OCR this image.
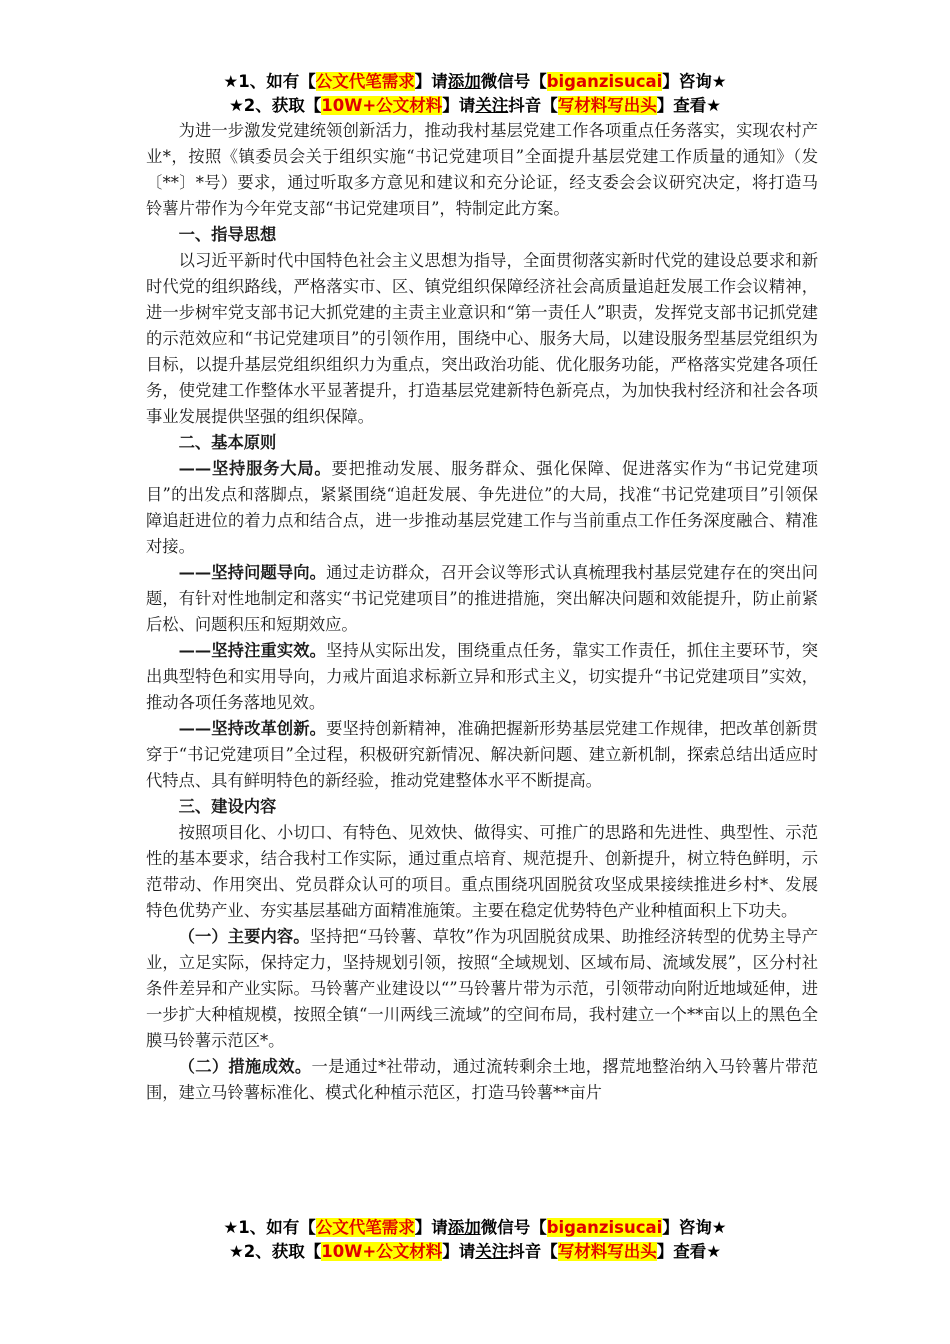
★1、如有【公文代笔需求】请添加微信号【biganzisucai】咨询★
★2、获取【10W+公文材料】请关注抖音【写材料写出头】查看★

为进一步激发党建统领创新活力，推动我村基层党建工作各项重点任务落实，实现农村产业*，按照《镇委员会关于组织实施“书记党建项目”全面提升基层党建工作质量的通知》（发〔**〕*号）要求，通过听取多方意见和建议和充分论证，经支委会会议研究决定，将打造马铃薯片带作为今年党支部“书记党建项目”，特制定此方案。

一、指导思想

以习近平新时代中国特色社会主义思想为指导，全面贯彻落实新时代党的建设总要求和新时代党的组织路线，严格落实市、区、镇党组织保障经济社会高质量追赶发展工作会议精神，进一步树牢党支部书记大抓党建的主责主业意识和“第一责任人”职责，发挥党支部书记抓党建的示范效应和“书记党建项目”的引领作用，围绕中心、服务大局，以建设服务型基层党组织为目标，以提升基层党组织组织力为重点，突出政治功能、优化服务功能，严格落实党建各项任务，使党建工作整体水平显著提升，打造基层党建新特色新亮点，为加快我村经济和社会各项事业发展提供坚强的组织保障。

二、基本原则

——坚持服务大局。要把推动发展、服务群众、强化保障、促进落实作为“书记党建项目”的出发点和落脚点，紧紧围绕“追赶发展、争先进位”的大局，找准“书记党建项目”引领保障追赶进位的着力点和结合点，进一步推动基层党建工作与当前重点工作任务深度融合、精准对接。

——坚持问题导向。通过走访群众，召开会议等形式认真梳理我村基层党建存在的突出问题，有针对性地制定和落实“书记党建项目”的推进措施，突出解决问题和效能提升，防止前紧后松、问题积压和短期效应。

——坚持注重实效。坚持从实际出发，围绕重点任务，靠实工作责任，抓住主要环节，突出典型特色和实用导向，力戒片面追求标新立异和形式主义，切实提升“书记党建项目”实效，推动各项任务落地见效。

——坚持改革创新。要坚持创新精神，准确把握新形势基层党建工作规律，把改革创新贯穿于“书记党建项目”全过程，积极研究新情况、解决新问题、建立新机制，探索总结出适应时代特点、具有鲜明特色的新经验，推动党建整体水平不断提高。

三、建设内容

按照项目化、小切口、有特色、见效快、做得实、可推广的思路和先进性、典型性、示范性的基本要求，结合我村工作实际，通过重点培育、规范提升、创新提升，树立特色鲜明，示范带动、作用突出、党员群众认可的项目。重点围绕巩固脱贫攻坚成果接续推进乡村*、发展特色优势产业、夯实基层基础方面精准施策。主要在稳定优势特色产业种植面积上下功夫。

（一）主要内容。坚持把“马铃薯、草牧”作为巩固脱贫成果、助推经济转型的优势主导产业，立足实际，保持定力，坚持规划引领，按照“全域规划、区域布局、流域发展”，区分村社条件差异和产业实际。马铃薯产业建设以“”马铃薯片带为示范，引领带动向附近地域延伸，进一步扩大种植规模，按照全镇“一川两线三流域”的空间布局，我村建立一个**亩以上的黑色全膜马铃薯示范区*。

（二）措施成效。一是通过*社带动，通过流转剩余土地，撂荒地整治纳入马铃薯片带范围，建立马铃薯标准化、模式化种植示范区，打造马铃薯**亩片

★1、如有【公文代笔需求】请添加微信号【biganzisucai】咨询★
★2、获取【10W+公文材料】请关注抖音【写材料写出头】查看★
